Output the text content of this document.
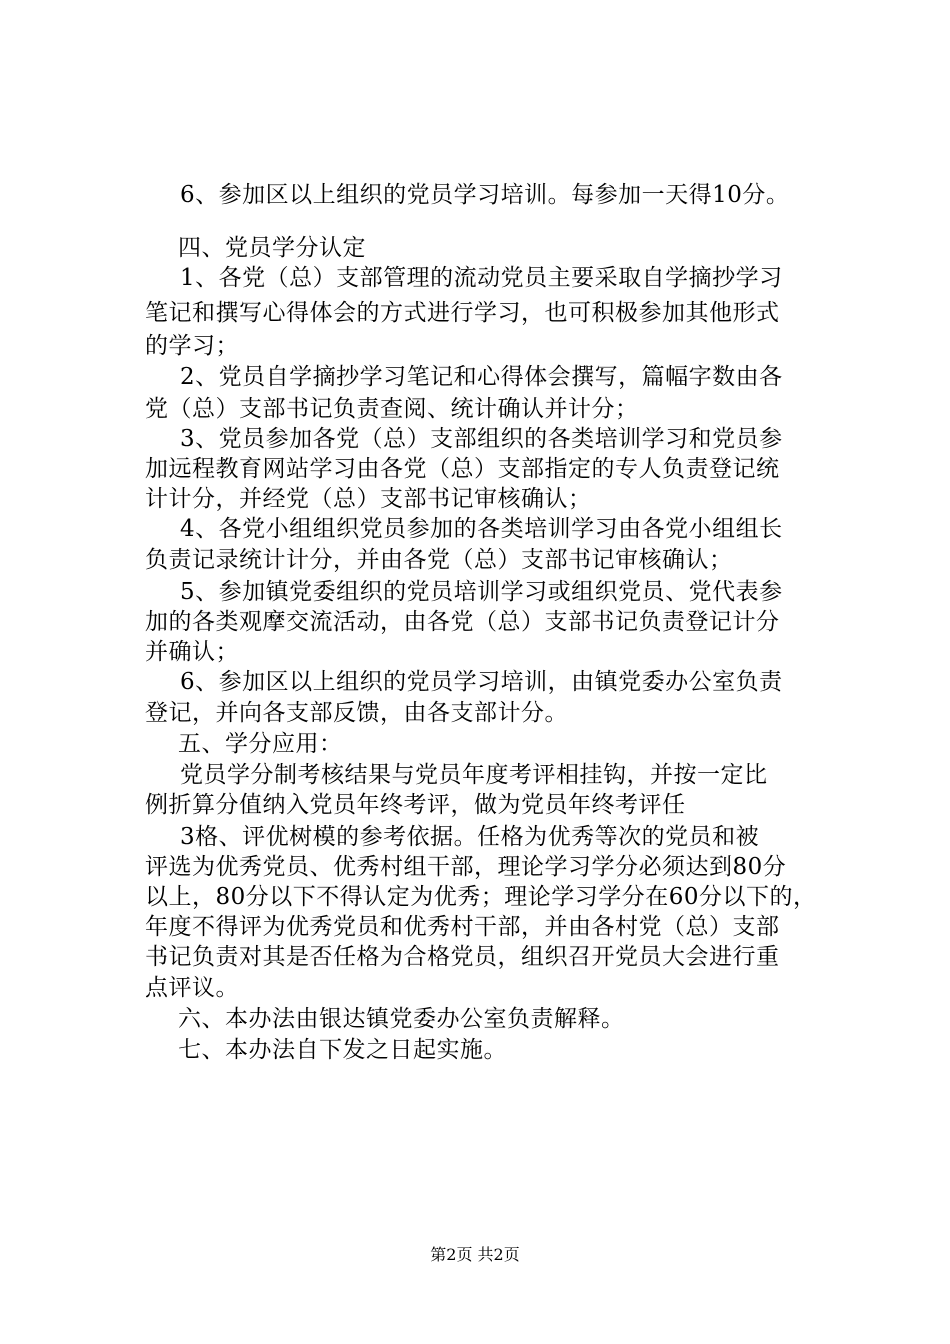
6、参加区以上组织的党员学习培训。每参加一天得10分。
四、党员学分认定
1、各党（总）支部管理的流动党员主要采取自学摘抄学习
笔记和撰写心得体会的方式进行学习，也可积极参加其他形式
的学习；
2、党员自学摘抄学习笔记和心得体会撰写，篇幅字数由各
党（总）支部书记负责查阅、统计确认并计分；
3、党员参加各党（总）支部组织的各类培训学习和党员参
加远程教育网站学习由各党（总）支部指定的专人负责登记统
计计分，并经党（总）支部书记审核确认；
4、各党小组组织党员参加的各类培训学习由各党小组组长
负责记录统计计分，并由各党（总）支部书记审核确认；
5、参加镇党委组织的党员培训学习或组织党员、党代表参
加的各类观摩交流活动，由各党（总）支部书记负责登记计分
并确认；
6、参加区以上组织的党员学习培训，由镇党委办公室负责
登记，并向各支部反馈，由各支部计分。
五、学分应用：
党员学分制考核结果与党员年度考评相挂钩，并按一定比
例折算分值纳入党员年终考评，做为党员年终考评任
3格、评优树模的参考依据。任格为优秀等次的党员和被
评选为优秀党员、优秀村组干部，理论学习学分必须达到80分
以上，80分以下不得认定为优秀；理论学习学分在60分以下的，
年度不得评为优秀党员和优秀村干部，并由各村党（总）支部
书记负责对其是否任格为合格党员，组织召开党员大会进行重
点评议。
六、本办法由银达镇党委办公室负责解释。
七、本办法自下发之日起实施。
第2页 共2页
